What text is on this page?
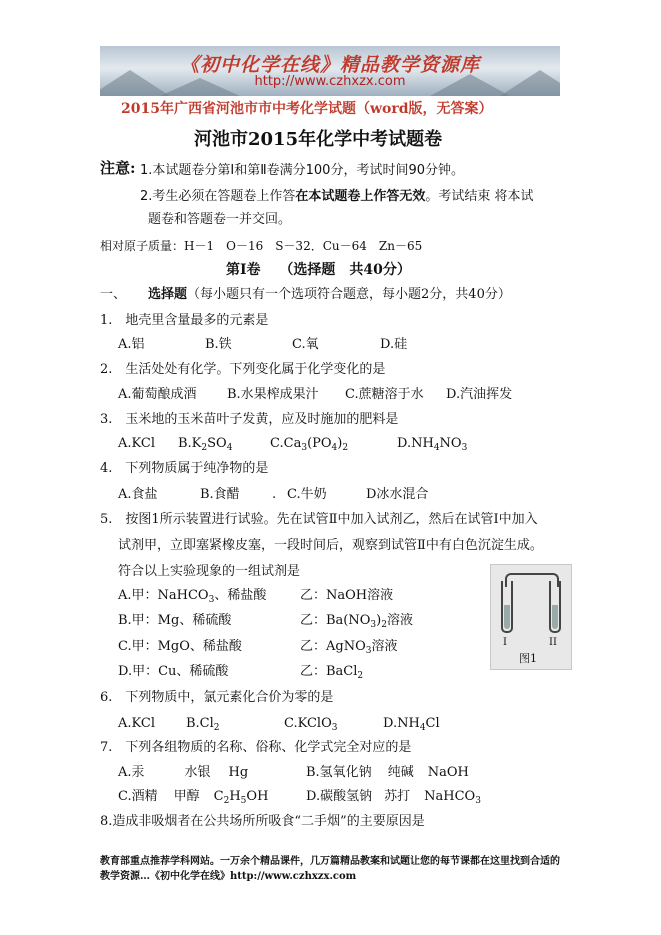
《初中化学在线》精品教学资源库
http://www.czhxzx.com
2015年广西省河池市市中考化学试题（word版，无答案）
河池市2015年化学中考试题卷
注意: 1.本试题卷分第Ⅰ和第Ⅱ卷满分100分，考试时间90分钟。
2.考生必须在答题卷上作答在本试题卷上作答无效。考试结束 将本试
题卷和答题卷一并交回。
相对原子质量：H－1　O－16　S－32．Cu－64　Zn－65
第Ⅰ卷　 （选择题　共40分）
一、 选择题（每小题只有一个选项符合题意，每小题2分，共40分）
1.　地壳里含量最多的元素是
A.铝	B.铁	C.氧	D.硅
2.　生活处处有化学。下列变化属于化学变化的是
A.葡萄酿成酒 B.水果榨成果汁 C.蔗糖溶于水 D.汽油挥发
3.　玉米地的玉米苗叶子发黄，应及时施加的肥料是
A.KCl $B.K_2SO_4$	$C.Ca_3(PO_4)_2$	$D.NH_4NO_3$
4.　下列物质属于纯净物的是
A.食盐	B.食醋 . C.牛奶	D冰水混合
5.　按图1所示装置进行试验。先在试管Ⅱ中加入试剂乙，然后在试管Ⅰ中加入
试剂甲，立即塞紧橡皮塞，一段时间后，观察到试管Ⅱ中有白色沉淀生成。
符合以上实验现象的一组试剂是
A.甲：NaHCO$_3$、稀盐酸	乙：NaOH溶液
B.甲：Mg、稀硫酸	乙：$Ba(NO_3)_2$溶液
C.甲：MgO、稀盐酸	乙：AgNO$_3$溶液
D.甲：Cu、稀硫酸	乙：BaCl$_2$
I	II
图1
6.　下列物质中，氯元素化合价为零的是
A.KCl $B.Cl_2$	C.KClO$_3$	$D.NH_4Cl$
7.　下列各组物质的名称、俗称、化学式完全对应的是
A.汞	水银 Hg	B.氢氧化钠 纯碱 NaOH
C.酒精 甲醇 $C_2H_5OH$	D.碳酸氢钠 苏打 NaHCO$_3$
8.造成非吸烟者在公共场所所吸食“二手烟”的主要原因是
教育部重点推荐学科网站。一万余个精品课件，几万篇精品教案和试题让您的每节课都在这里找到合适的
教学资源…《初中化学在线》http://www.czhxzx.com
